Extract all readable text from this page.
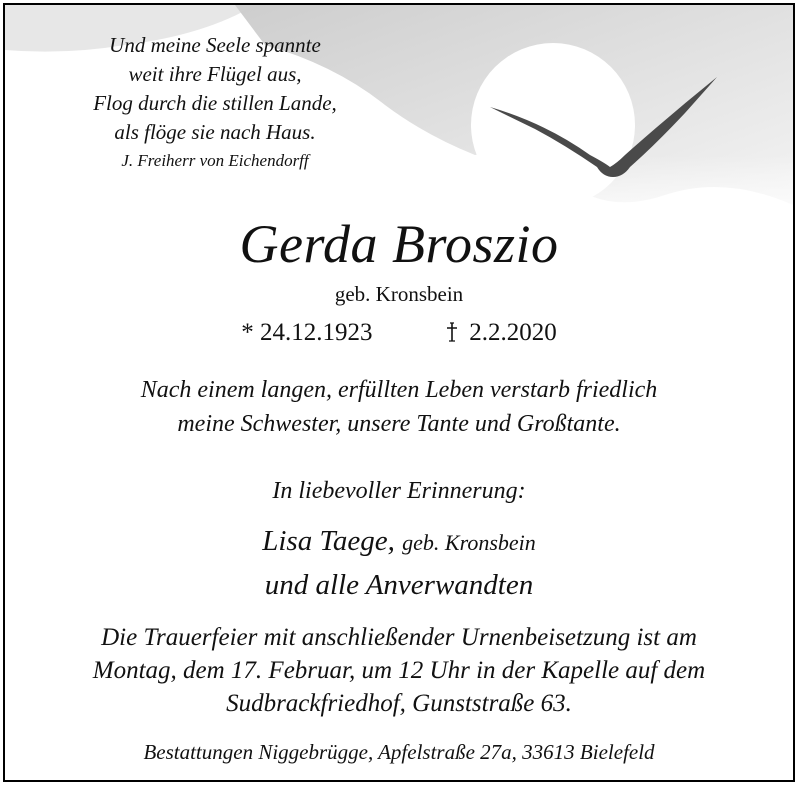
Und meine Seele spannte
weit ihre Flügel aus,
Flog durch die stillen Lande,
als flöge sie nach Haus.
J. Freiherr von Eichendorff
Gerda Broszio
geb. Kronsbein
* 24.12.1923	2.2.2020
Nach einem langen, erfüllten Leben verstarb friedlich
meine Schwester, unsere Tante und Großtante.
In liebevoller Erinnerung:
Lisa Taege, geb. Kronsbein
und alle Anverwandten
Die Trauerfeier mit anschließender Urnenbeisetzung ist am
Montag, dem 17. Februar, um 12 Uhr in der Kapelle auf dem
Sudbrackfriedhof, Gunststraße 63.
Bestattungen Niggebrügge, Apfelstraße 27a, 33613 Bielefeld
